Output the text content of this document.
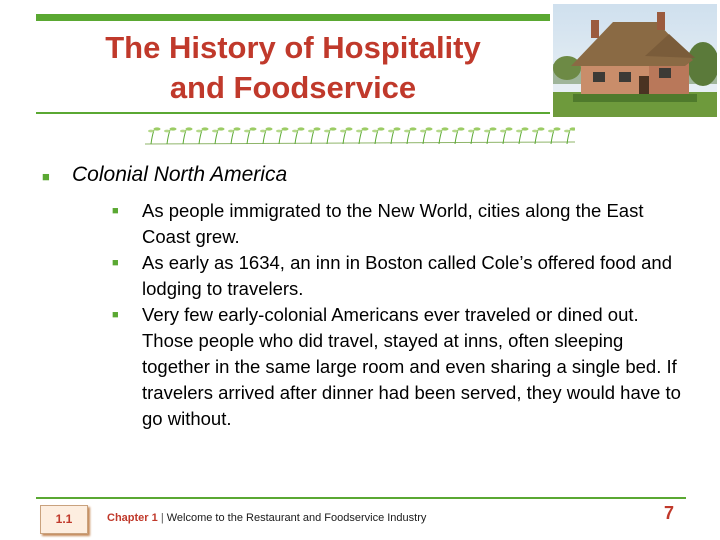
The History of Hospitality
and Foodservice
■	Colonial North America
■	As people immigrated to the New World, cities along the East Coast grew.
■	As early as 1634, an inn in Boston called Cole’s offered food and lodging to travelers.
■	Very few early-colonial Americans ever traveled or dined out. Those people who did travel, stayed at inns, often sleeping together in the same large room and even sharing a single bed. If travelers arrived after dinner had been served, they would have to go without.
1.1	Chapter 1 | Welcome to the Restaurant and Foodservice Industry	7
